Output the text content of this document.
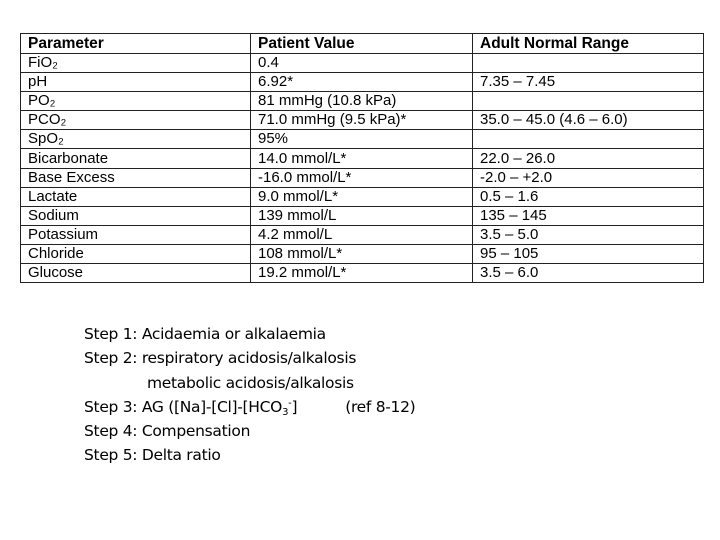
Parameter	Patient Value	Adult Normal Range
FiO₂	0.4	
pH	6.92*	7.35 – 7.45
PO₂	81 mmHg (10.8 kPa)	
PCO₂	71.0 mmHg (9.5 kPa)*	35.0 – 45.0 (4.6 – 6.0)
SpO₂	95%	
Bicarbonate	14.0 mmol/L*	22.0 – 26.0
Base Excess	-16.0 mmol/L*	-2.0 – +2.0
Lactate	9.0 mmol/L*	0.5 – 1.6
Sodium	139 mmol/L	135 – 145
Potassium	4.2 mmol/L	3.5 – 5.0
Chloride	108 mmol/L*	95 – 105
Glucose	19.2 mmol/L*	3.5 – 6.0
Step 1: Acidaemia or alkalaemia
Step 2: respiratory acidosis/alkalosis
metabolic acidosis/alkalosis
Step 3: AG ($[Na]-[Cl]-[HCO_3^-]$	(ref 8-12)
Step 4: Compensation
Step 5: Delta ratio
